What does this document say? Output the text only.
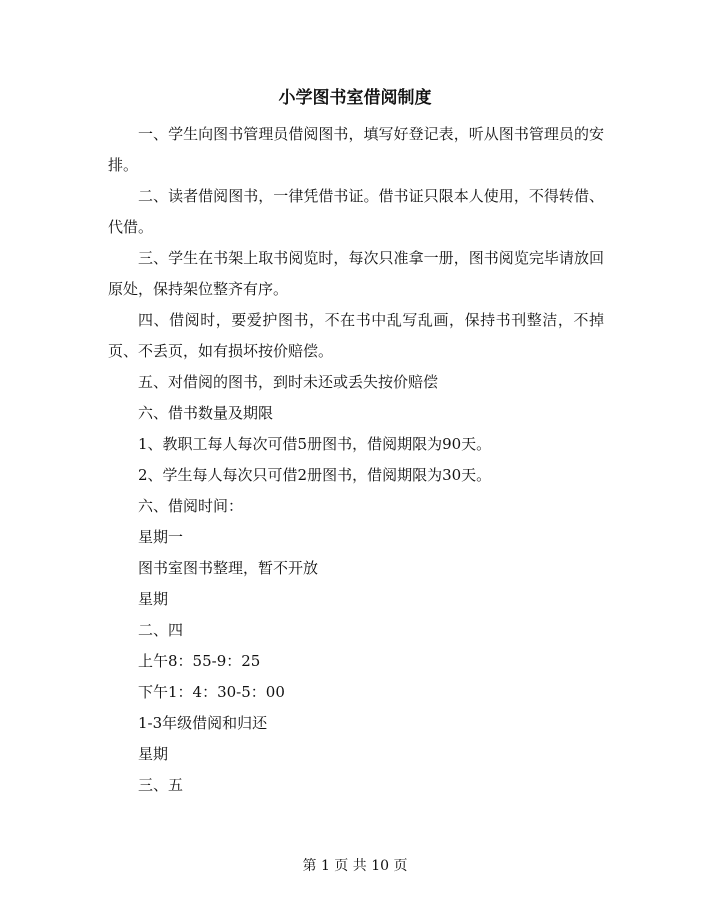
小学图书室借阅制度

一、学生向图书管理员借阅图书，填写好登记表，听从图书管理员的安排。

二、读者借阅图书，一律凭借书证。借书证只限本人使用，不得转借、代借。

三、学生在书架上取书阅览时，每次只准拿一册，图书阅览完毕请放回原处，保持架位整齐有序。

四、借阅时，要爱护图书，不在书中乱写乱画，保持书刊整洁，不掉页、不丢页，如有损坏按价赔偿。

五、对借阅的图书，到时未还或丢失按价赔偿

六、借书数量及期限

1、教职工每人每次可借5册图书，借阅期限为90天。

2、学生每人每次只可借2册图书，借阅期限为30天。

六、借阅时间：

星期一

图书室图书整理，暂不开放

星期

二、四

上午8：55-9：25

下午1：4：30-5：00

1-3年级借阅和归还

星期

三、五

第 1 页 共 10 页
